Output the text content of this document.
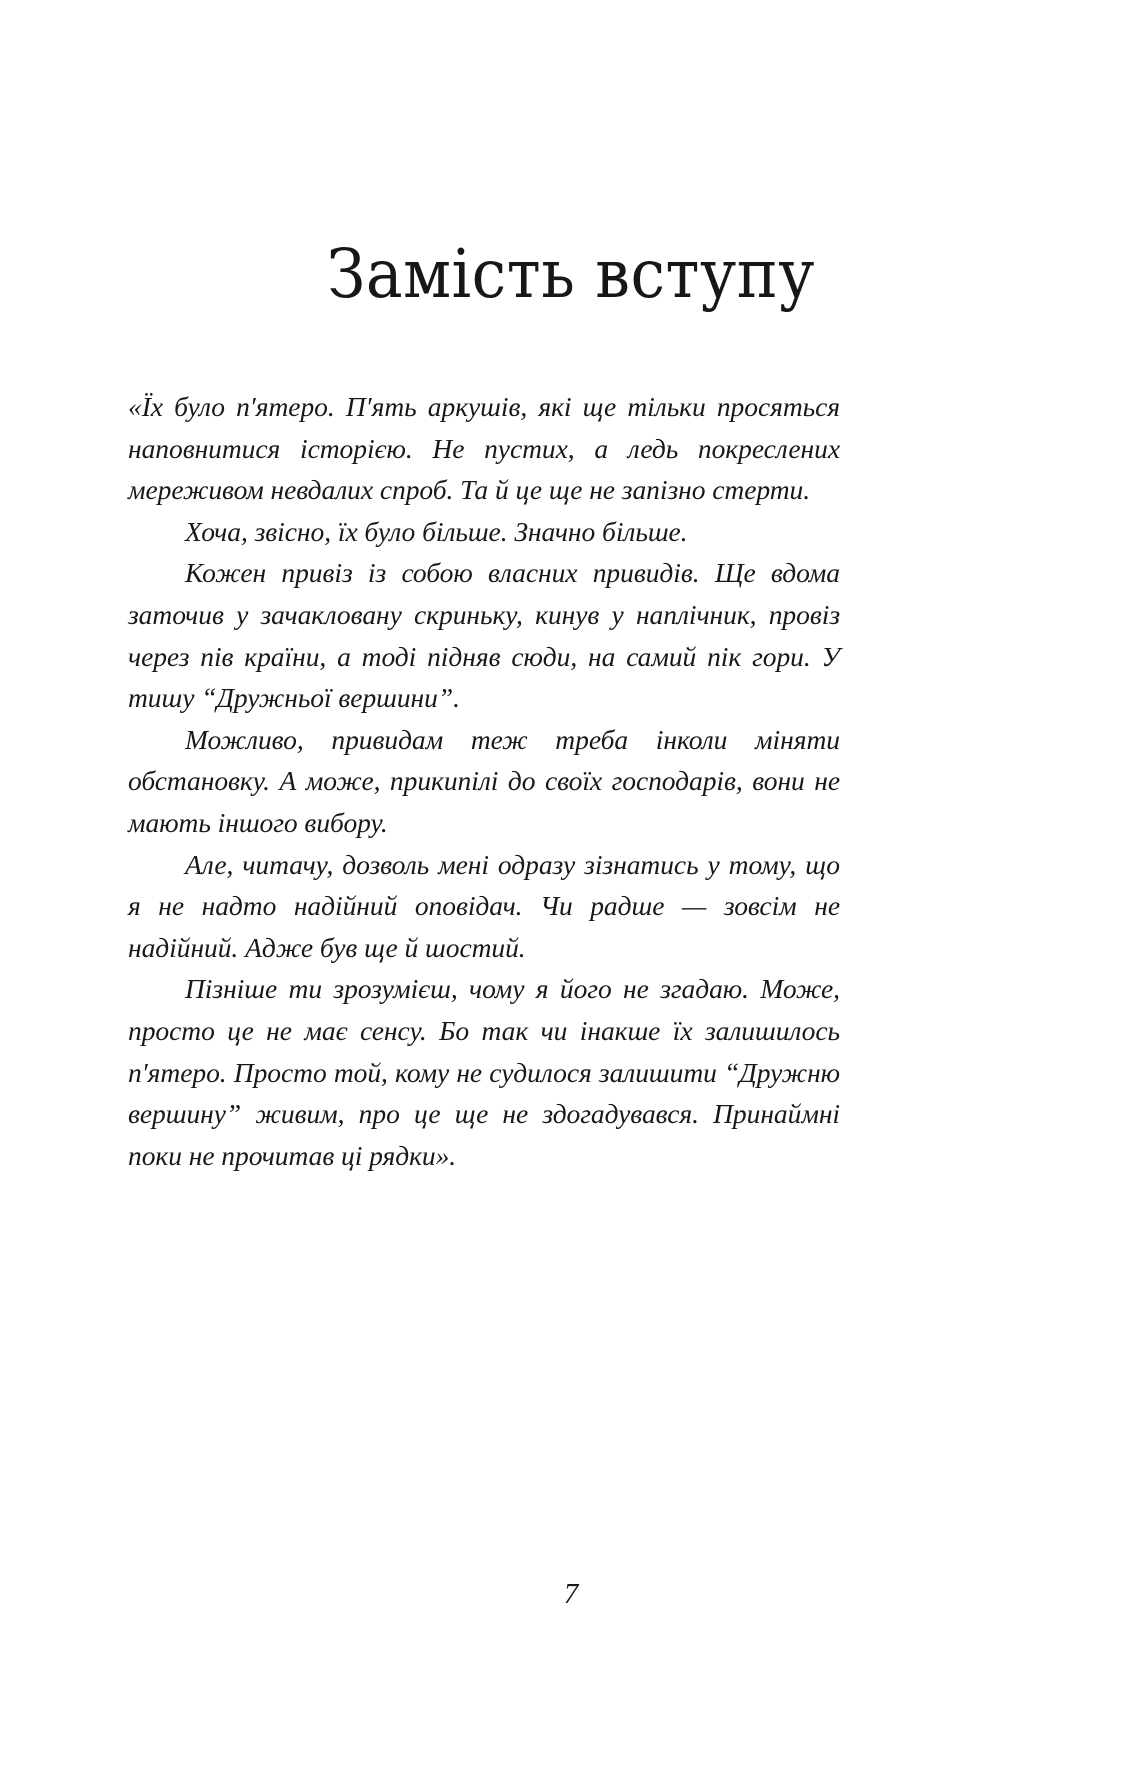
Замість вступу

«Їх було п′ятеро. П′ять аркушів, які ще тільки просяться наповнитися історією. Не пустих, а ледь покреслених мереживом невдалих спроб. Та й це ще не запізно стерти.

Хоча, звісно, їх було більше. Значно більше.

Кожен привіз із собою власних привидів. Ще вдома заточив у зачакловану скриньку, кинув у наплічник, провіз через пів країни, а тоді підняв сюди, на самий пік гори. У тишу “Дружньої вершини”.

Можливо, привидам теж треба інколи міняти обстановку. А може, прикипілі до своїх господарів, вони не мають іншого вибору.

Але, читачу, дозволь мені одразу зізнатись у тому, що я не надто надійний оповідач. Чи радше — зовсім не надійний. Адже був ще й шостий.

Пізніше ти зрозумієш, чому я його не згадаю. Може, просто це не має сенсу. Бо так чи інакше їх залишилось п′ятеро. Просто той, кому не судилося залишити “Дружню вершину” живим, про це ще не здогадувався. Принаймні поки не прочитав ці рядки».

7
